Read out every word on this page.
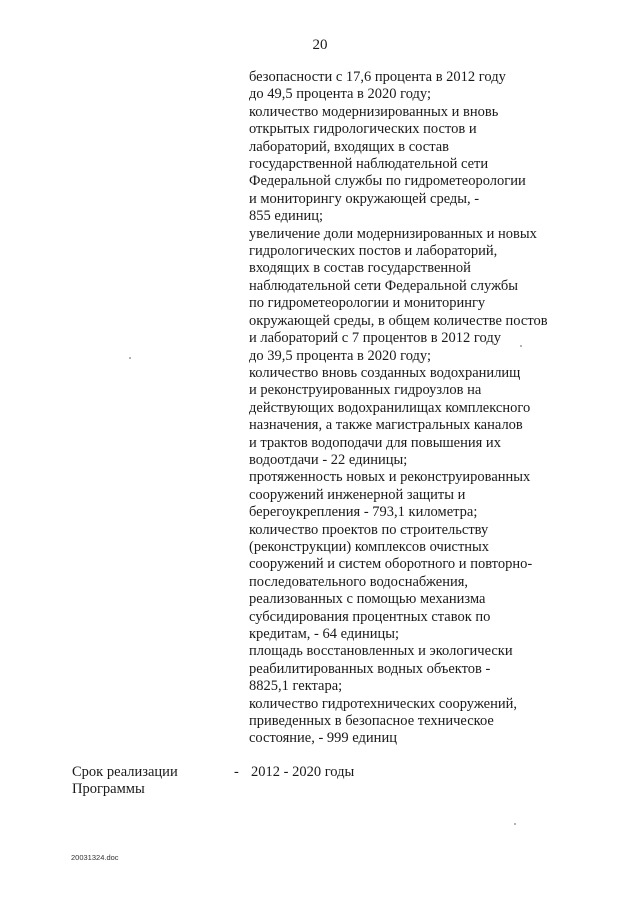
20
безопасности с 17,6 процента в 2012 году
до 49,5 процента в 2020 году;
количество модернизированных и вновь
открытых гидрологических постов и
лабораторий, входящих в состав
государственной наблюдательной сети
Федеральной службы по гидрометеорологии
и мониторингу окружающей среды, -
855 единиц;
увеличение доли модернизированных и новых
гидрологических постов и лабораторий,
входящих в состав государственной
наблюдательной сети Федеральной службы
по гидрометеорологии и мониторингу
окружающей среды, в общем количестве постов
и лабораторий с 7 процентов в 2012 году
до 39,5 процента в 2020 году;
количество вновь созданных водохранилищ
и реконструированных гидроузлов на
действующих водохранилищах комплексного
назначения, а также магистральных каналов
и трактов водоподачи для повышения их
водоотдачи - 22 единицы;
протяженность новых и реконструированных
сооружений инженерной защиты и
берегоукрепления - 793,1 километра;
количество проектов по строительству
(реконструкции) комплексов очистных
сооружений и систем оборотного и повторно-
последовательного водоснабжения,
реализованных с помощью механизма
субсидирования процентных ставок по
кредитам, - 64 единицы;
площадь восстановленных и экологически
реабилитированных водных объектов -
8825,1 гектара;
количество гидротехнических сооружений,
приведенных в безопасное техническое
состояние, - 999 единиц
Срок реализации
Программы
- 2012 - 2020 годы
20031324.doc
